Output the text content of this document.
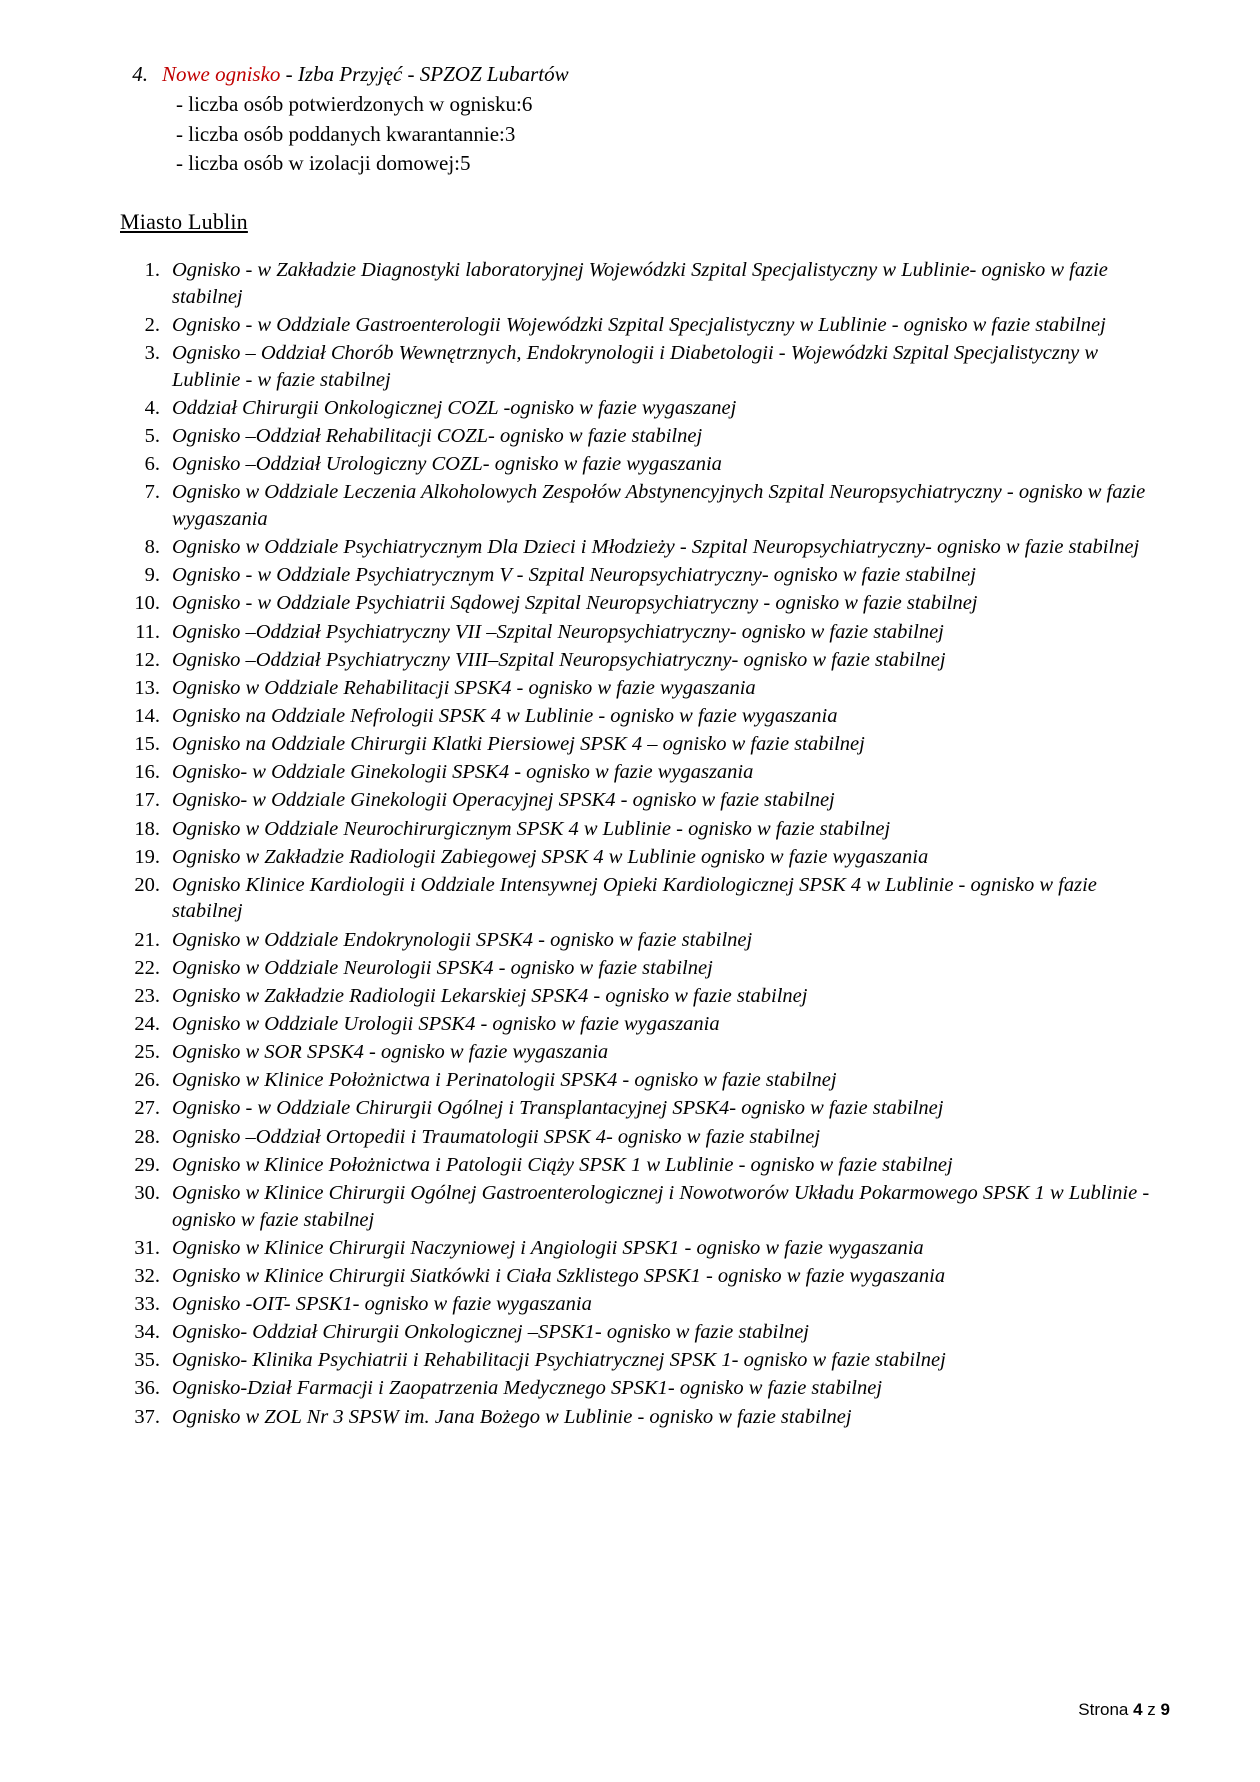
4. Nowe ognisko - Izba Przyjęć - SPZOZ Lubartów
- liczba osób potwierdzonych w ognisku:6
- liczba osób poddanych kwarantannie:3
- liczba osób w izolacji domowej:5
Miasto Lublin
1. Ognisko - w Zakładzie Diagnostyki laboratoryjnej Wojewódzki Szpital Specjalistyczny w Lublinie- ognisko w fazie stabilnej
2. Ognisko - w Oddziale Gastroenterologii Wojewódzki Szpital Specjalistyczny w Lublinie - ognisko w fazie stabilnej
3. Ognisko – Oddział Chorób Wewnętrznych, Endokrynologii i Diabetologii - Wojewódzki Szpital Specjalistyczny w Lublinie - w fazie stabilnej
4. Oddział Chirurgii Onkologicznej COZL -ognisko w fazie wygaszanej
5. Ognisko –Oddział Rehabilitacji COZL- ognisko w fazie stabilnej
6. Ognisko –Oddział Urologiczny COZL- ognisko w fazie wygaszania
7. Ognisko w Oddziale Leczenia Alkoholowych Zespołów Abstynencyjnych Szpital Neuropsychiatryczny - ognisko w fazie wygaszania
8. Ognisko w Oddziale Psychiatrycznym Dla Dzieci i Młodzieży - Szpital Neuropsychiatryczny- ognisko w fazie stabilnej
9. Ognisko - w Oddziale Psychiatrycznym V - Szpital Neuropsychiatryczny- ognisko w fazie stabilnej
10. Ognisko - w Oddziale Psychiatrii Sądowej Szpital Neuropsychiatryczny - ognisko w fazie stabilnej
11. Ognisko –Oddział Psychiatryczny VII –Szpital Neuropsychiatryczny- ognisko w fazie stabilnej
12. Ognisko –Oddział Psychiatryczny VIII–Szpital Neuropsychiatryczny- ognisko w fazie stabilnej
13. Ognisko w Oddziale Rehabilitacji SPSK4 - ognisko w fazie wygaszania
14. Ognisko na Oddziale Nefrologii SPSK 4 w Lublinie - ognisko w fazie wygaszania
15. Ognisko na Oddziale Chirurgii Klatki Piersiowej SPSK 4 – ognisko w fazie stabilnej
16. Ognisko- w Oddziale Ginekologii SPSK4 - ognisko w fazie wygaszania
17. Ognisko- w Oddziale Ginekologii Operacyjnej SPSK4 - ognisko w fazie stabilnej
18. Ognisko w Oddziale Neurochirurgicznym SPSK 4 w Lublinie - ognisko w fazie stabilnej
19. Ognisko w Zakładzie Radiologii Zabiegowej SPSK 4 w Lublinie ognisko w fazie wygaszania
20. Ognisko Klinice Kardiologii i Oddziale Intensywnej Opieki Kardiologicznej SPSK 4 w Lublinie - ognisko w fazie stabilnej
21. Ognisko w Oddziale Endokrynologii SPSK4 - ognisko w fazie stabilnej
22. Ognisko w Oddziale Neurologii SPSK4 - ognisko w fazie stabilnej
23. Ognisko w Zakładzie Radiologii Lekarskiej SPSK4 - ognisko w fazie stabilnej
24. Ognisko w Oddziale Urologii SPSK4 - ognisko w fazie wygaszania
25. Ognisko w SOR SPSK4 - ognisko w fazie wygaszania
26. Ognisko w Klinice Położnictwa i Perinatologii SPSK4 - ognisko w fazie stabilnej
27. Ognisko - w Oddziale Chirurgii Ogólnej i Transplantacyjnej SPSK4- ognisko w fazie stabilnej
28. Ognisko –Oddział Ortopedii i Traumatologii SPSK 4- ognisko w fazie stabilnej
29. Ognisko w Klinice Położnictwa i Patologii Ciąży SPSK 1 w Lublinie - ognisko w fazie stabilnej
30. Ognisko w Klinice Chirurgii Ogólnej Gastroenterologicznej i Nowotworów Układu Pokarmowego SPSK 1 w Lublinie - ognisko w fazie stabilnej
31. Ognisko w Klinice Chirurgii Naczyniowej i Angiologii SPSK1 - ognisko w fazie wygaszania
32. Ognisko w Klinice Chirurgii Siatkówki i Ciała Szklistego SPSK1 - ognisko w fazie wygaszania
33. Ognisko -OIT- SPSK1- ognisko w fazie wygaszania
34. Ognisko- Oddział Chirurgii Onkologicznej –SPSK1- ognisko w fazie stabilnej
35. Ognisko- Klinika Psychiatrii i Rehabilitacji Psychiatrycznej SPSK 1- ognisko w fazie stabilnej
36. Ognisko-Dział Farmacji i Zaopatrzenia Medycznego SPSK1- ognisko w fazie stabilnej
37. Ognisko w ZOL Nr 3 SPSW im. Jana Bożego w Lublinie - ognisko w fazie stabilnej
Strona 4 z 9
